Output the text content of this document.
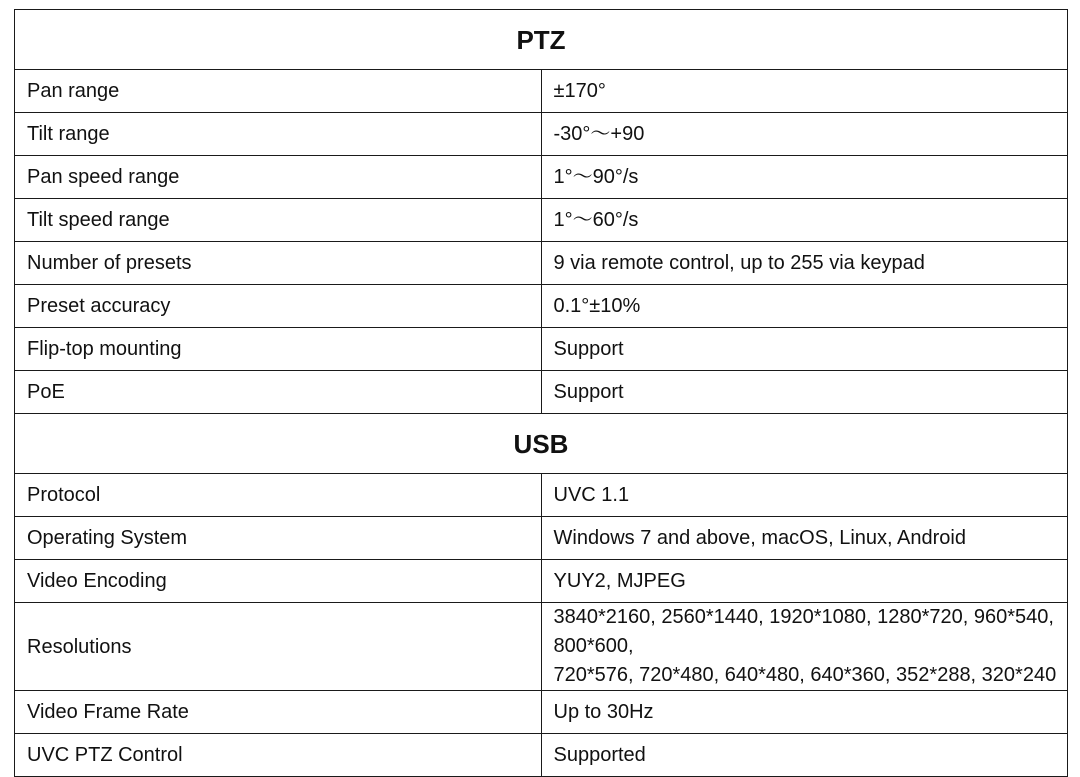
PTZ	
Pan range	±170°
Tilt range	-30°～+90
Pan speed range	1°～90°/s
Tilt speed range	1°～60°/s
Number of presets	9 via remote control, up to 255 via keypad
Preset accuracy	0.1°±10%
Flip-top mounting	Support
PoE	Support
USB	
Protocol	UVC 1.1
Operating System	Windows 7 and above, macOS, Linux, Android
Video Encoding	YUY2, MJPEG
Resolutions	3840*2160, 2560*1440, 1920*1080, 1280*720, 960*540, 800*600,
720*576, 720*480, 640*480, 640*360, 352*288, 320*240

Video Frame Rate	Up to 30Hz
UVC PTZ Control	Supported
